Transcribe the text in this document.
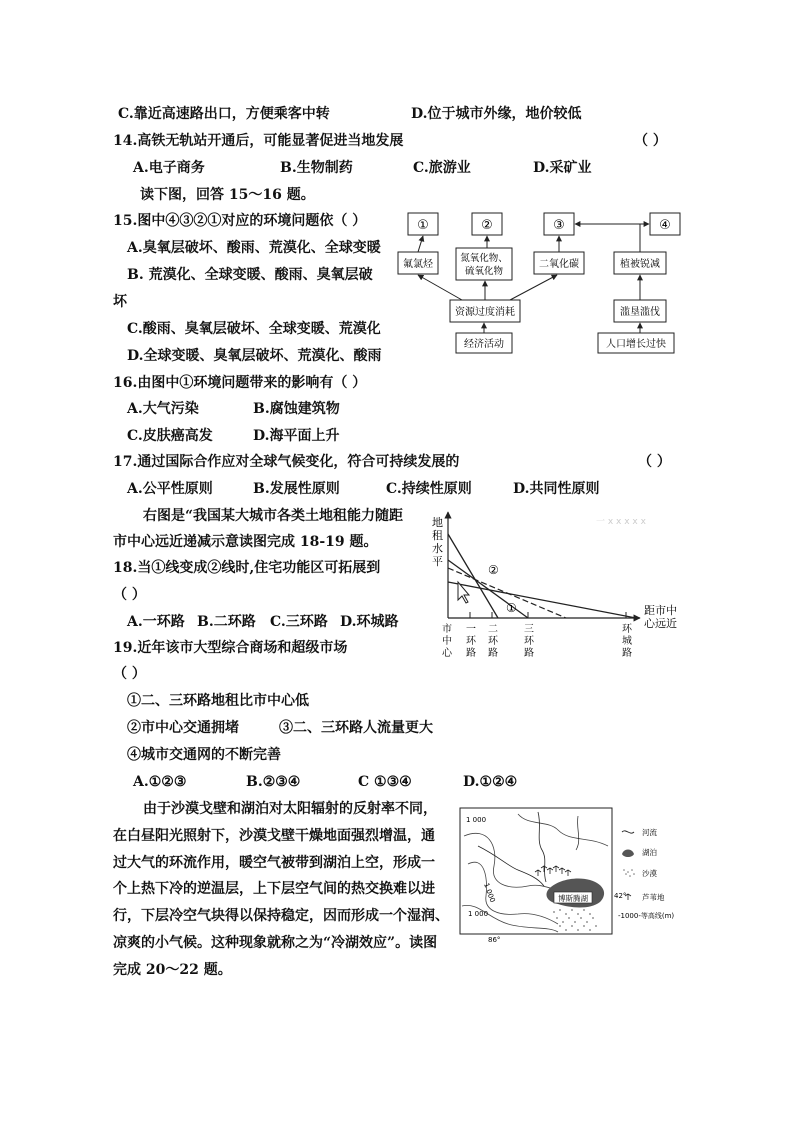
C.靠近高速路出口，方便乘客中转	D.位于城市外缘，地价较低
14.高铁无轨站开通后，可能显著促进当地发展	（ ）
A.电子商务	B.生物制药	C.旅游业	D.采矿业
读下图，回答 15～16 题。
15.图中④③②①对应的环境问题依（ ）
A.臭氧层破坏、酸雨、荒漠化、全球变暖
B. 荒漠化、全球变暖、酸雨、臭氧层破
坏
C.酸雨、臭氧层破坏、全球变暖、荒漠化
D.全球变暖、臭氧层破坏、荒漠化、酸雨
①	②	③	④
氟氯烃
氮氧化物、
硫氧化物
二氧化碳	植被锐减
资源过度消耗
经济活动
滥垦滥伐
人口增长过快
16.由图中①环境问题带来的影响有（ ）
A.大气污染	B.腐蚀建筑物
C.皮肤癌高发	D.海平面上升
17.通过国际合作应对全球气候变化，符合可持续发展的	（ ）
A.公平性原则	B.发展性原则	C.持续性原则	D.共同性原则
右图是“我国某大城市各类土地租能力随距
市中心远近递减示意读图完成 18-19 题。
18.当①线变成②线时,住宅功能区可拓展到
（ ）
A.一环路 B.二环路 C.三环路 D.环城路
一 x x x x x
地
租
水
平
距市中
心远近
②
①
市
中
心
一
环
路
二
环
路
三
环
路
环
城
路
19.近年该市大型综合商场和超级市场
（ ）
①二、三环路地租比市中心低
②市中心交通拥堵	③二、三环路人流量更大
④城市交通网的不断完善
A.①②③	B.②③④	C ①③④	D.①②④
由于沙漠戈壁和湖泊对太阳辐射的反射率不同，
在白昼阳光照射下，沙漠戈壁干燥地面强烈增温，通
过大气的环流作用，暖空气被带到湖泊上空，形成一
个上热下冷的逆温层，上下层空气间的热交换难以进
行，下层冷空气块得以保持稳定，因而形成一个湿润、
凉爽的小气候。这种现象就称之为“冷湖效应”。读图
完成 20～22 题。
博斯腾湖
1 000
1 000
1 000
42°
86°
河流
湖泊
沙漠
芦苇地
-1000-等高线(m)
